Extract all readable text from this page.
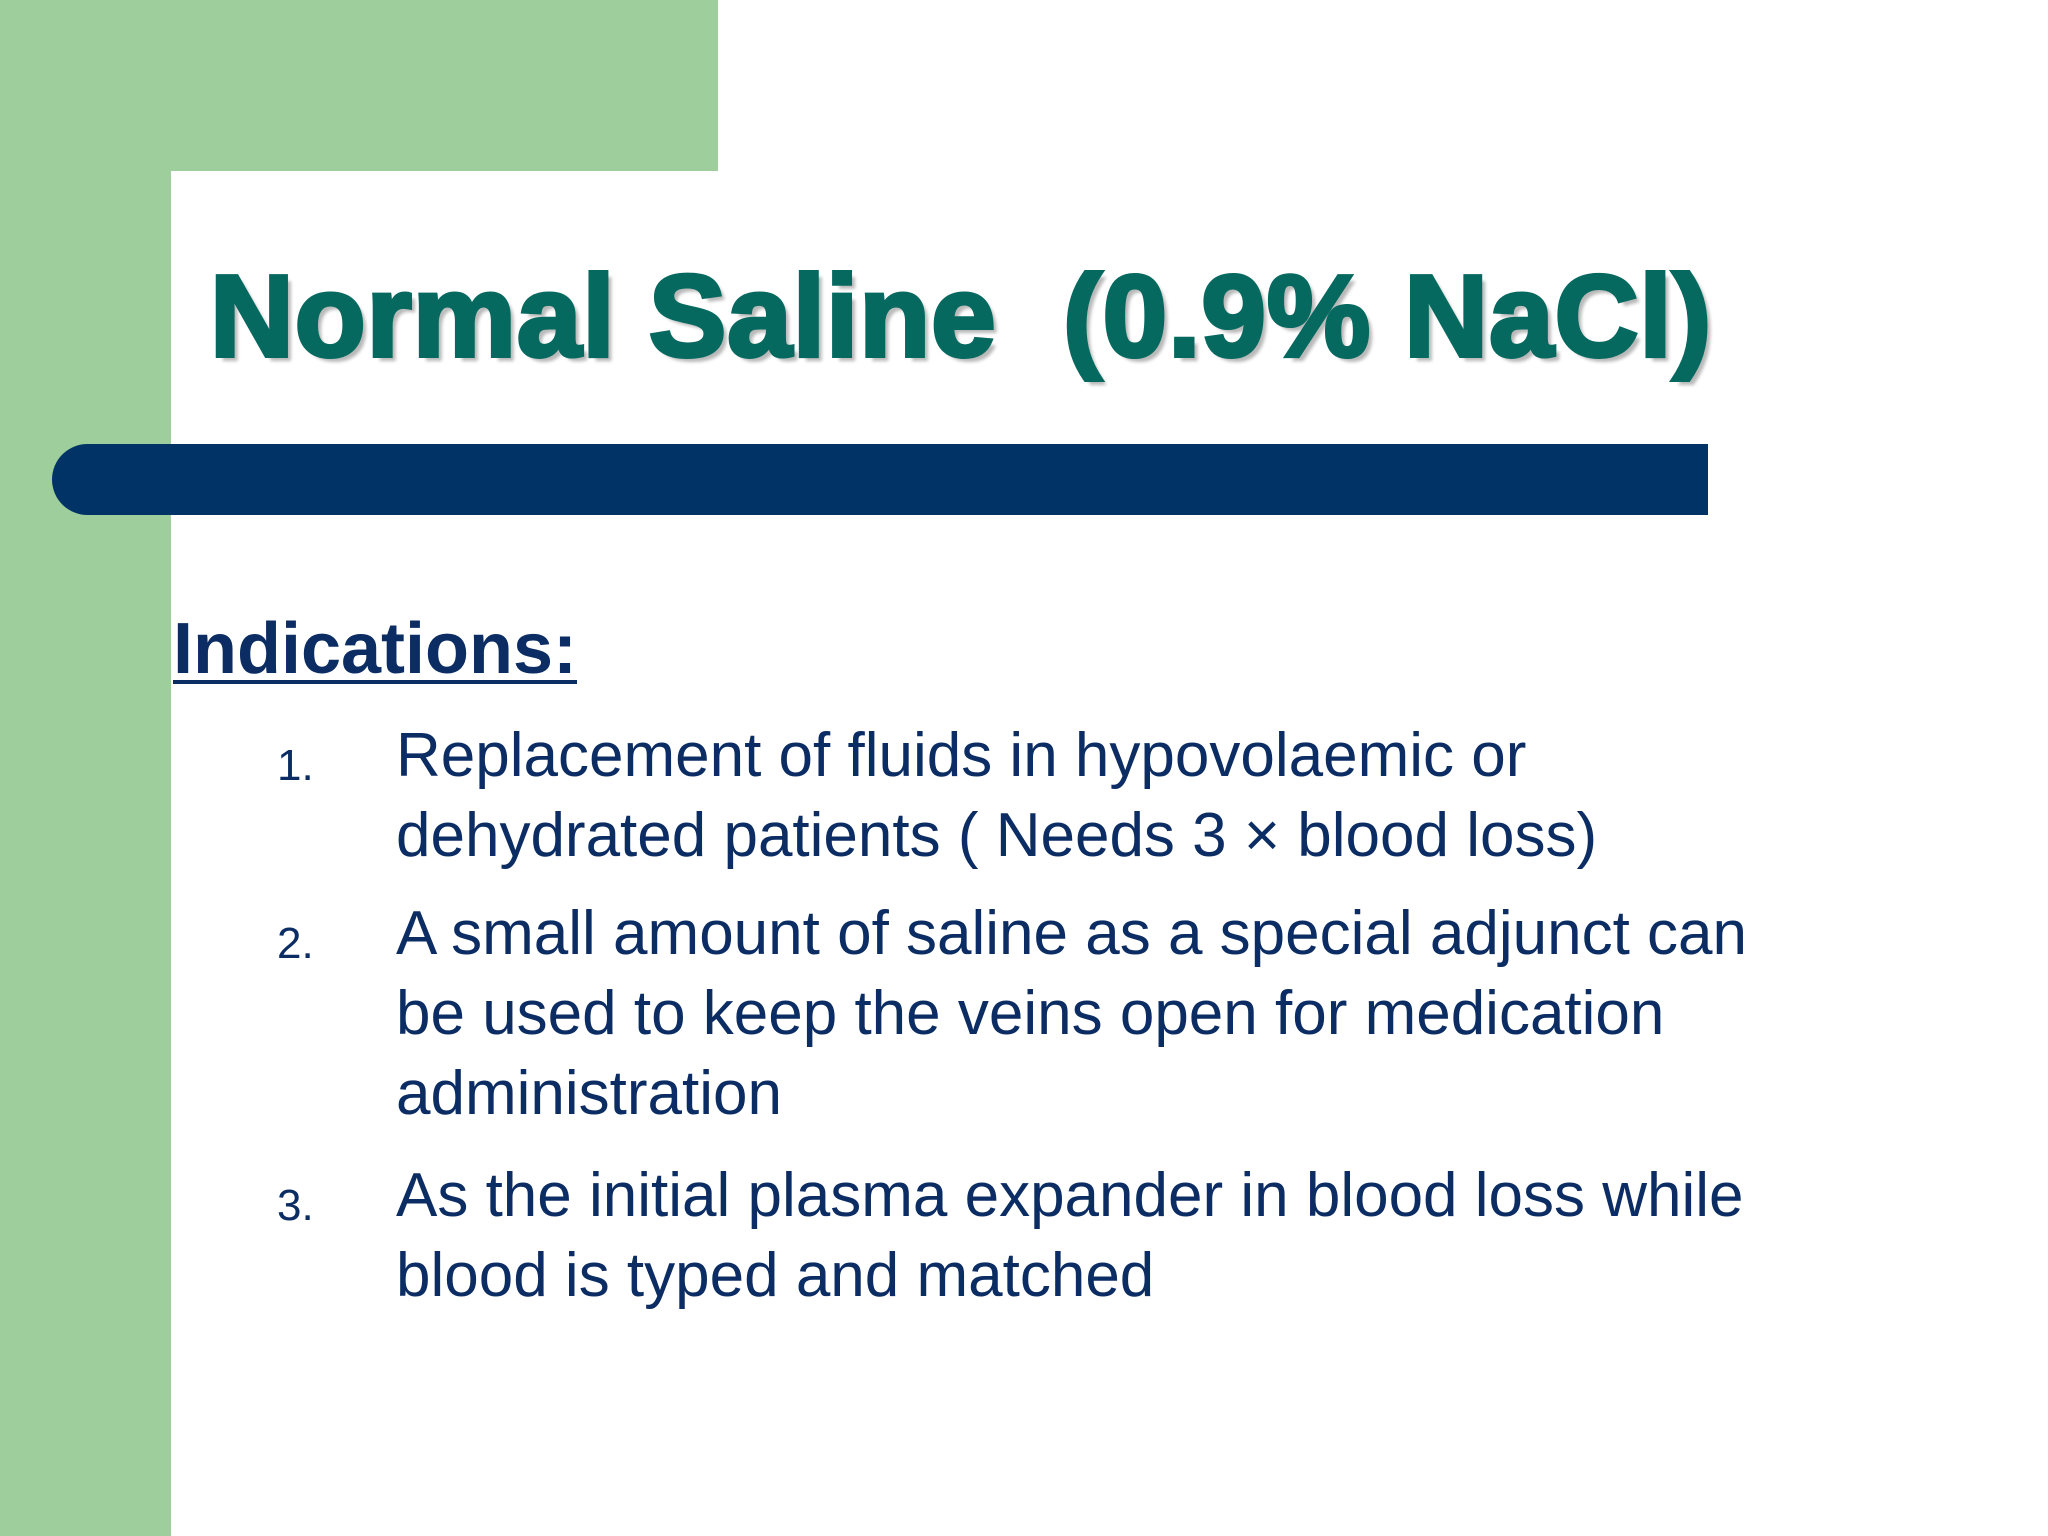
Normal Saline  (0.9% NaCl)
Indications:
1. Replacement of fluids in hypovolaemic or
dehydrated patients ( Needs 3 × blood loss)
2. A small amount of saline as a special adjunct can
be used to keep the veins open for medication
administration
3. As the initial plasma expander in blood loss while
blood is typed and matched
